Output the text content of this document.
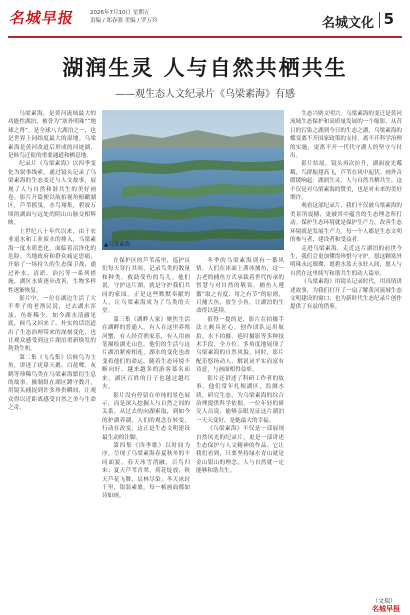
名城早报	2026年7月10日 星期五
责编 / 郑春强 美编 / 罗万玲	名城文化 5
湖润生灵 人与自然共栖共生
——观生态人文纪录片《乌梁素海》有感

乌梁素海，是黄河流域最大的功能性湖泊，被誉为“塞外明珠”“地球之肾”，是全球八大湖泊之一，也是世界上同纬度最大的湿地。乌梁素海是黄河改道后形成的河迹湖，是候鸟迁徙的重要通道和栖息地。

纪录片《乌梁素海》以四季变化为叙事线索，通过镜头记录了乌梁素海的生态变迁与人文故事，展现了人与自然和谐共生的美好画卷。影片开篇便以航拍视角俯瞰湖区，芦苇摇曳，水鸟翔集，碧波万顷的湖面与远处的阴山山脉交相辉映。

上世纪八十年代以来，由于农业退水和工业废水的排入，乌梁素海一度水质恶化，面临着沼泽化的危险。当地政府和群众痛定思痛，开始了一场持久的生态保卫战，通过补水、清淤、治污等一系列措施，湖区水质逐步改善，生物多样性逐渐恢复。

影片中，一位在湖边生活了大半辈子的老渔民说，过去湖水浑浊，鱼虾稀少，如今湖水清澈见底，候鸟又回来了。朴实的话语道出了生态治理带来的深刻变化，也让观众感受到这片湖泊重新焕发的勃勃生机。

第二集《飞鸟集》以候鸟为主角，讲述了疣鼻天鹅、白琵鹭、灰鹤等珍稀鸟类在乌梁素海繁衍生息的故事。摄制组在湖区蹲守数月，用镜头捕捉到许多珍贵瞬间，让观众得以近距离感受自然之美与生命之奇。

▲乌梁素海

在保护区的芦苇荡里，巡护员们每天穿行其间，记录鸟类的数量和种类，救助受伤的鸟儿。他们说，守护这片湖，就是守护我们共同的家园。正是这些默默奉献的人，让乌梁素海成为了鸟类的天堂。

第三集《湖畔人家》聚焦生活在湖畔的普通人。有人在这里养殖河蟹，有人经营渔家乐，有人用画笔描绘湖光山色。他们的生活与这片湖泊紧密相连，湖水的变化也改变着他们的命运。随着生态环境不断向好，越来越多的游客慕名而来，湖区百姓的日子也越过越红火。

影片没有停留在单纯的景色展示，而是深入挖掘人与自然之间的关系。从过去的向湖索取，到如今的护湖养湖，人们的观念在转变，行动在改变，这正是生态文明建设最生动的注脚。

第四集《四季歌》以时间为序，呈现了乌梁素海春夏秋冬的不同面貌。春天冰雪消融，百鸟归来；夏天芦苇青翠，荷花绽放；秋天芦花飞舞，层林尽染；冬天冰封千里，银装素裹。每一帧画面都如诗如画。

冬季的乌梁素海别有一番风情。人们在冰面上凿冰捕鱼，这一古老的捕鱼方式承载着世代传承的智慧与对自然的敬畏。捕鱼人遵循“取之有度、用之有节”的原则，只捕大鱼，放生小鱼，让湖泊的生命得以延续。

值得一提的是，影片在拍摄手法上颇具匠心。创作团队运用航拍、水下拍摄、延时摄影等多种技术手段，全方位、多角度地展现了乌梁素海的自然风貌。同时，影片配乐悠扬动人，解说词平实而富有诗意，与画面相得益彰。

影片还讲述了科研工作者的故事。他们常年扎根湖区，监测水质，研究生态，为乌梁素海的综合治理提供科学依据。一位年轻的研究人员说，能够亲眼见证这片湖泊一天天变好，是她最大的幸福。

《乌梁素海》不仅是一部展现自然风光的纪录片，更是一部讲述生态保护与人文精神的作品。它让我们看到，只要坚持绿水青山就是金山银山的理念，人与自然就一定能够和谐共生。

生态兴则文明兴。乌梁素海的变迁是黄河流域生态保护和高质量发展的一个缩影。从昔日的污染之湖到今日的生态之湖，乌梁素海的蝶变离不开国家政策的支持，离不开科学治理的实施，更离不开一代代守湖人的坚守与付出。

影片结尾，镜头再次拉升，湖面波光粼粼，鸟群振翅高飞，芦苇在风中起伏。画外音缓缓响起：湖润生灵，人与自然共栖共生。这不仅是对乌梁素海的赞美，也是对未来的美好期许。

观看这部纪录片，我们不仅被乌梁素海的美景所震撼，更被其中蕴含的生态理念所打动。保护生态环境就是保护生产力，改善生态环境就是发展生产力。每一个人都是生态文明的参与者、建设者和受益者。

走进乌梁素海，走近这片湖泊的前世今生，我们会更加懂得珍惜与守护。愿这颗塞外明珠永远璀璨，愿碧水蓝天永驻人间，愿人与自然在这里续写和谐共生的动人篇章。

《乌梁素海》用镜头记录时代，用真情讲述故事，为我们打开了一扇了解黄河流域生态文明建设的窗口，也为新时代生态纪录片创作提供了有益的借鉴。

（文瑞）
名城早报
